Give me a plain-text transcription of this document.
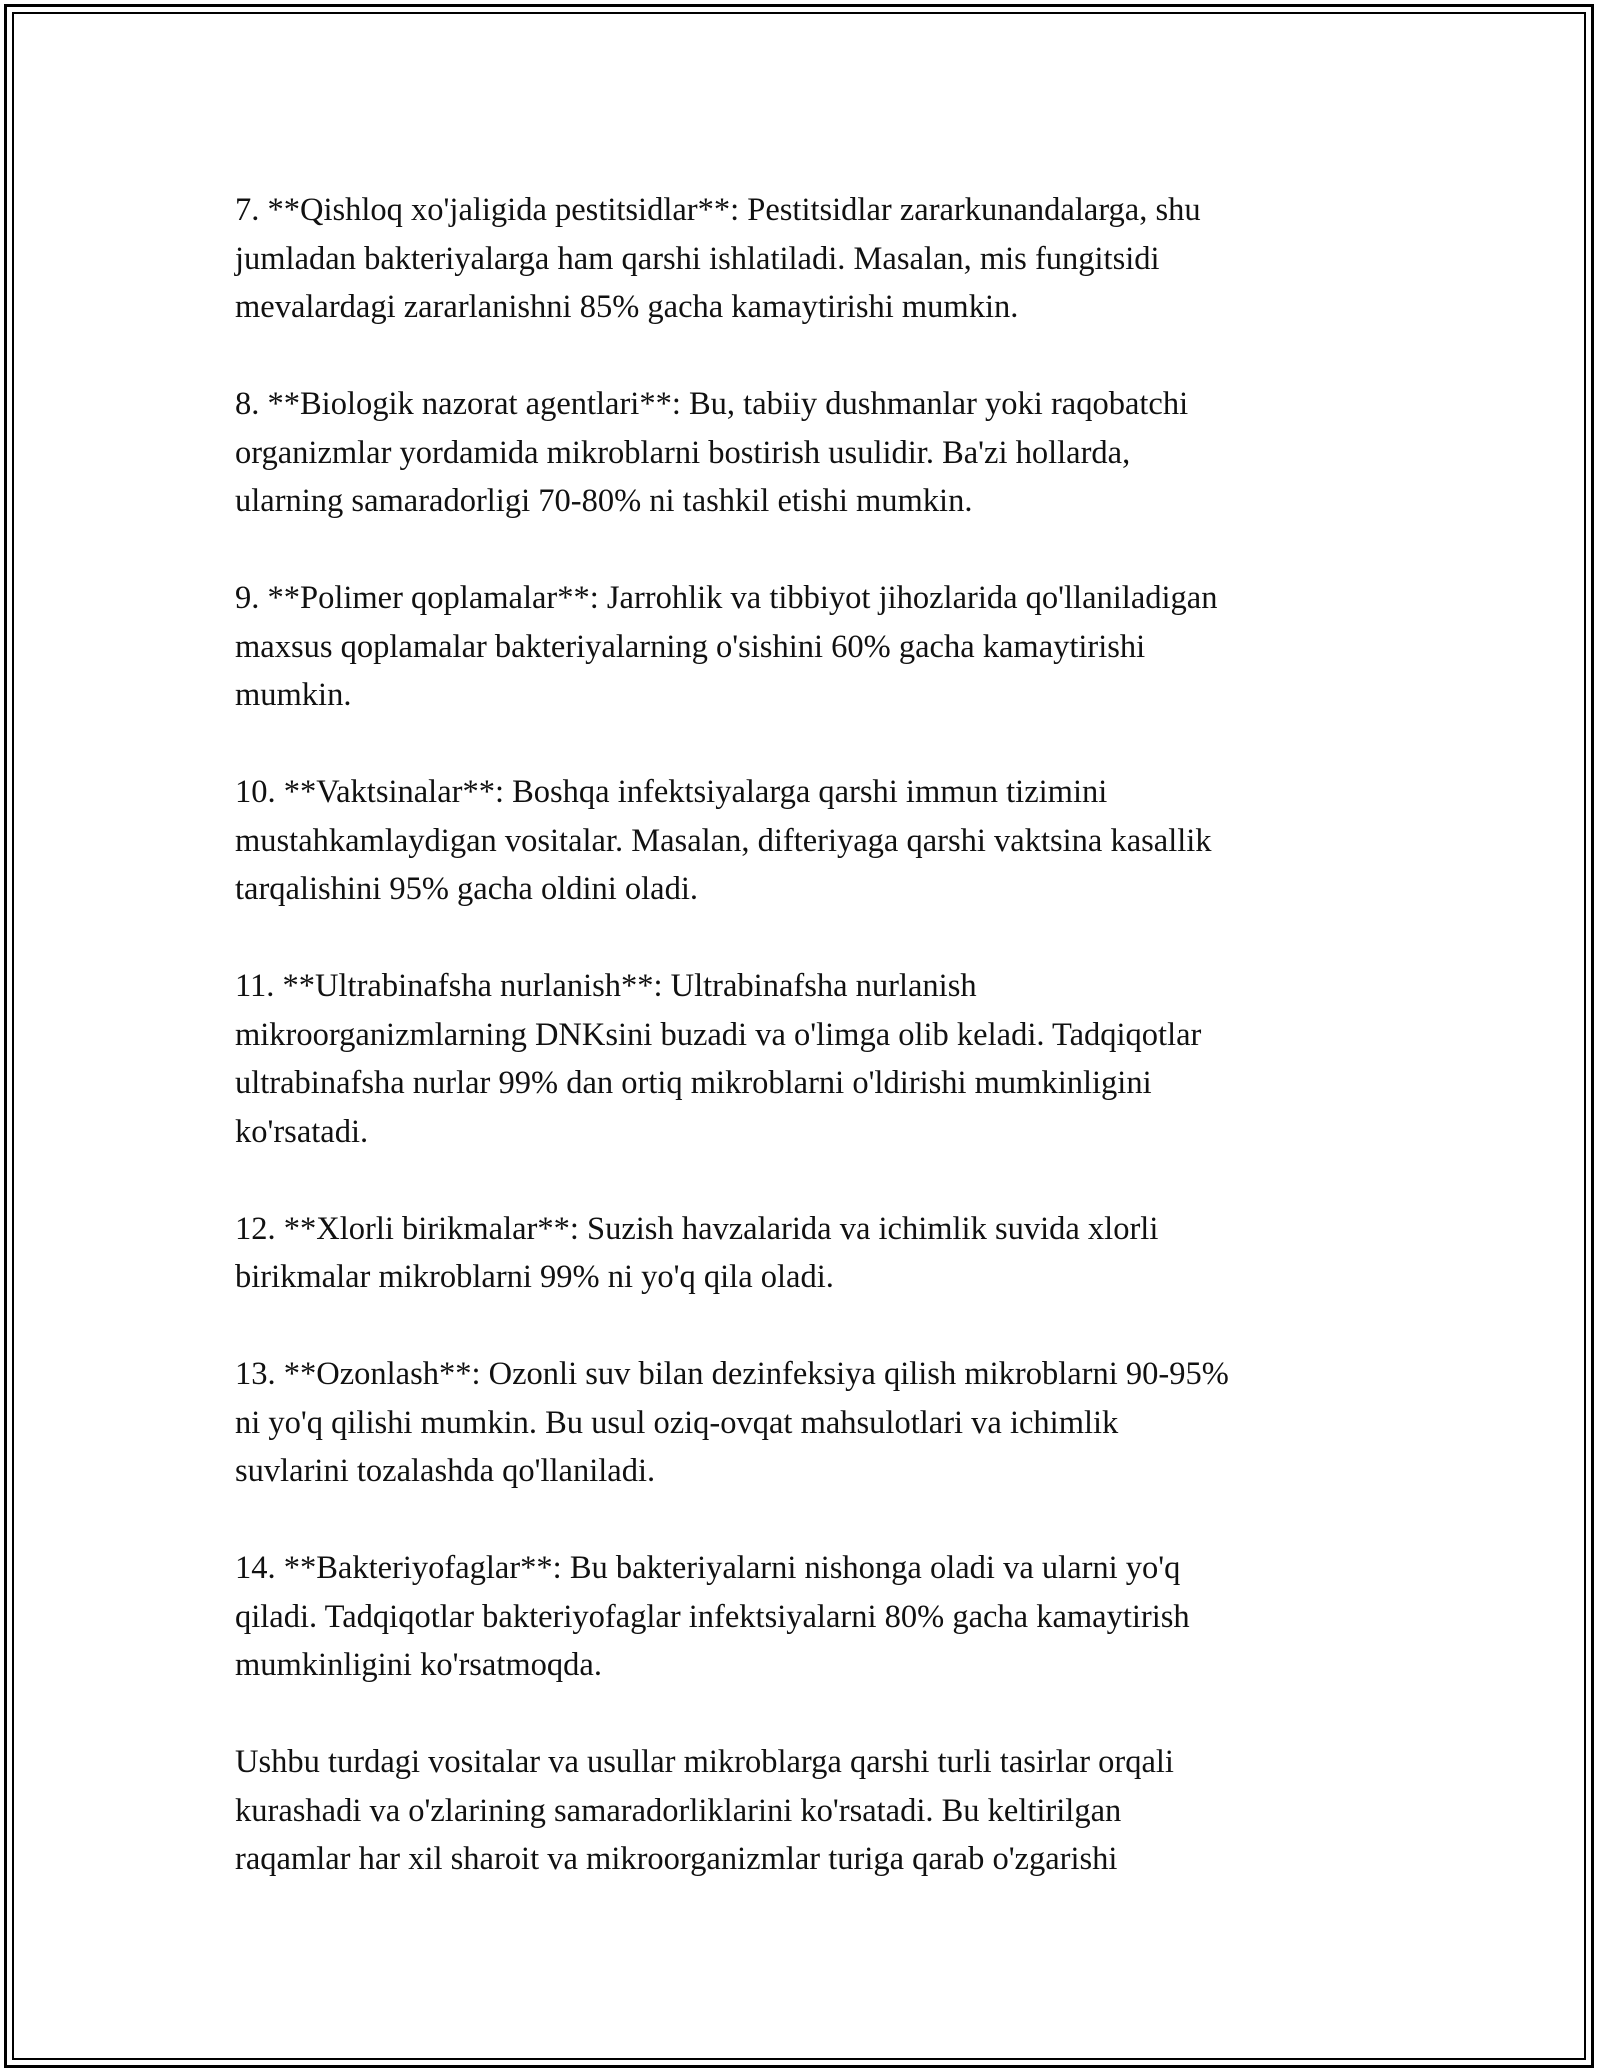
7. **Qishloq xo'jaligida pestitsidlar**: Pestitsidlar zararkunandalarga, shu
jumladan bakteriyalarga ham qarshi ishlatiladi. Masalan, mis fungitsidi
mevalardagi zararlanishni 85% gacha kamaytirishi mumkin.

8. **Biologik nazorat agentlari**: Bu, tabiiy dushmanlar yoki raqobatchi
organizmlar yordamida mikroblarni bostirish usulidir. Ba'zi hollarda,
ularning samaradorligi 70-80% ni tashkil etishi mumkin.

9. **Polimer qoplamalar**: Jarrohlik va tibbiyot jihozlarida qo'llaniladigan
maxsus qoplamalar bakteriyalarning o'sishini 60% gacha kamaytirishi
mumkin.

10. **Vaktsinalar**: Boshqa infektsiyalarga qarshi immun tizimini
mustahkamlaydigan vositalar. Masalan, difteriyaga qarshi vaktsina kasallik
tarqalishini 95% gacha oldini oladi.

11. **Ultrabinafsha nurlanish**: Ultrabinafsha nurlanish
mikroorganizmlarning DNKsini buzadi va o'limga olib keladi. Tadqiqotlar
ultrabinafsha nurlar 99% dan ortiq mikroblarni o'ldirishi mumkinligini
ko'rsatadi.

12. **Xlorli birikmalar**: Suzish havzalarida va ichimlik suvida xlorli
birikmalar mikroblarni 99% ni yo'q qila oladi.

13. **Ozonlash**: Ozonli suv bilan dezinfeksiya qilish mikroblarni 90-95%
ni yo'q qilishi mumkin. Bu usul oziq-ovqat mahsulotlari va ichimlik
suvlarini tozalashda qo'llaniladi.

14. **Bakteriyofaglar**: Bu bakteriyalarni nishonga oladi va ularni yo'q
qiladi. Tadqiqotlar bakteriyofaglar infektsiyalarni 80% gacha kamaytirish
mumkinligini ko'rsatmoqda.

Ushbu turdagi vositalar va usullar mikroblarga qarshi turli tasirlar orqali
kurashadi va o'zlarining samaradorliklarini ko'rsatadi. Bu keltirilgan
raqamlar har xil sharoit va mikroorganizmlar turiga qarab o'zgarishi
